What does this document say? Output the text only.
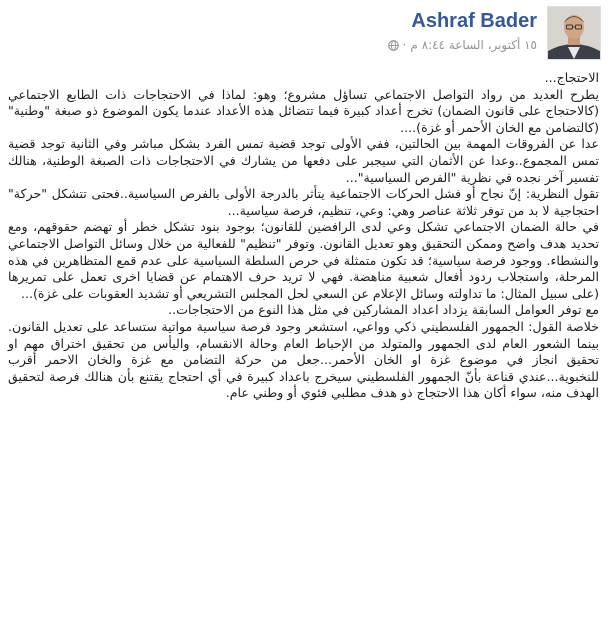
Ashraf Bader
١٥ أكتوبر، الساعة ٨:٤٤ م
·

الاحتجاج...

يطرح العديد من رواد التواصل الاجتماعي تساؤل مشروع؛ وهو: لماذا في الاحتجاجات ذات الطابع الاجتماعي (كالاحتجاج على قانون الضمان) تخرج أعداد كبيرة فيما تتضائل هذه الأعداد عندما يكون الموضوع ذو صبغة "وطنية" (كالتضامن مع الخان الأحمر أو غزة)....

عدا عن الفروقات المهمة بين الحالتين، ففي الأولى توجد قضية تمس الفرد بشكل مباشر وفي الثانية توجد قضية تمس المجموع..وعدا عن الأثمان التي سيجبر على دفعها من يشارك في الاحتجاجات ذات الصبغة الوطنية، هنالك تفسير آخر نجده في نظرية "الفرص السياسية"...

تقول النظرية: إنّ نجاح أو فشل الحركات الاجتماعية يتأثر بالدرجة الأولى بالفرص السياسية..فحتى تتشكل "حركة" احتجاجية لا بد من توفر ثلاثة عناصر وهي: وعي، تنظيم، فرصة سياسية...

في حالة الضمان الاجتماعي تشكل وعي لدى الرافضين للقانون؛ بوجود بنود تشكل خطر أو تهضم حقوقهم، ومع تحديد هدف واضح وممكن التحقيق وهو تعديل القانون. وتوفر "تنظيم" للفعالية من خلال وسائل التواصل الاجتماعي والنشطاء. ووجود فرصة سياسية؛ قد تكون متمثلة في حرص السلطة السياسية على عدم قمع المتظاهرين في هذه المرحلة، واستجلاب ردود أفعال شعبية مناهضة. فهي لا تريد حرف الاهتمام عن قضايا اخرى تعمل على تمريرها (على سبيل المثال: ما تداولته وسائل الإعلام عن السعي لحل المجلس التشريعي أو تشديد العقوبات على غزة)...

مع توفر العوامل السابقة يزداد اعداد المشاركين في مثل هذا النوع من الاحتجاجات..

خلاصة القول: الجمهور الفلسطيني ذكي وواعي، استشعر وجود فرصة سياسية مواتية ستساعد على تعديل القانون. بينما الشعور العام لدى الجمهور والمتولد من الإحباط العام وحالة الانقسام، واليأس من تحقيق اختراق مهم او تحقيق انجاز في موضوع غزة او الخان الأحمر...جعل من حركة التضامن مع غزة والخان الاحمر أقرب للنخبوية...عندي قناعة بأنّ الجمهور الفلسطيني سيخرج باعداد كبيرة في أي احتجاج يقتنع بأن هنالك فرصة لتحقيق الهدف منه، سواء أكان هذا الاحتجاج ذو هدف مطلبي فئوي أو وطني عام.
